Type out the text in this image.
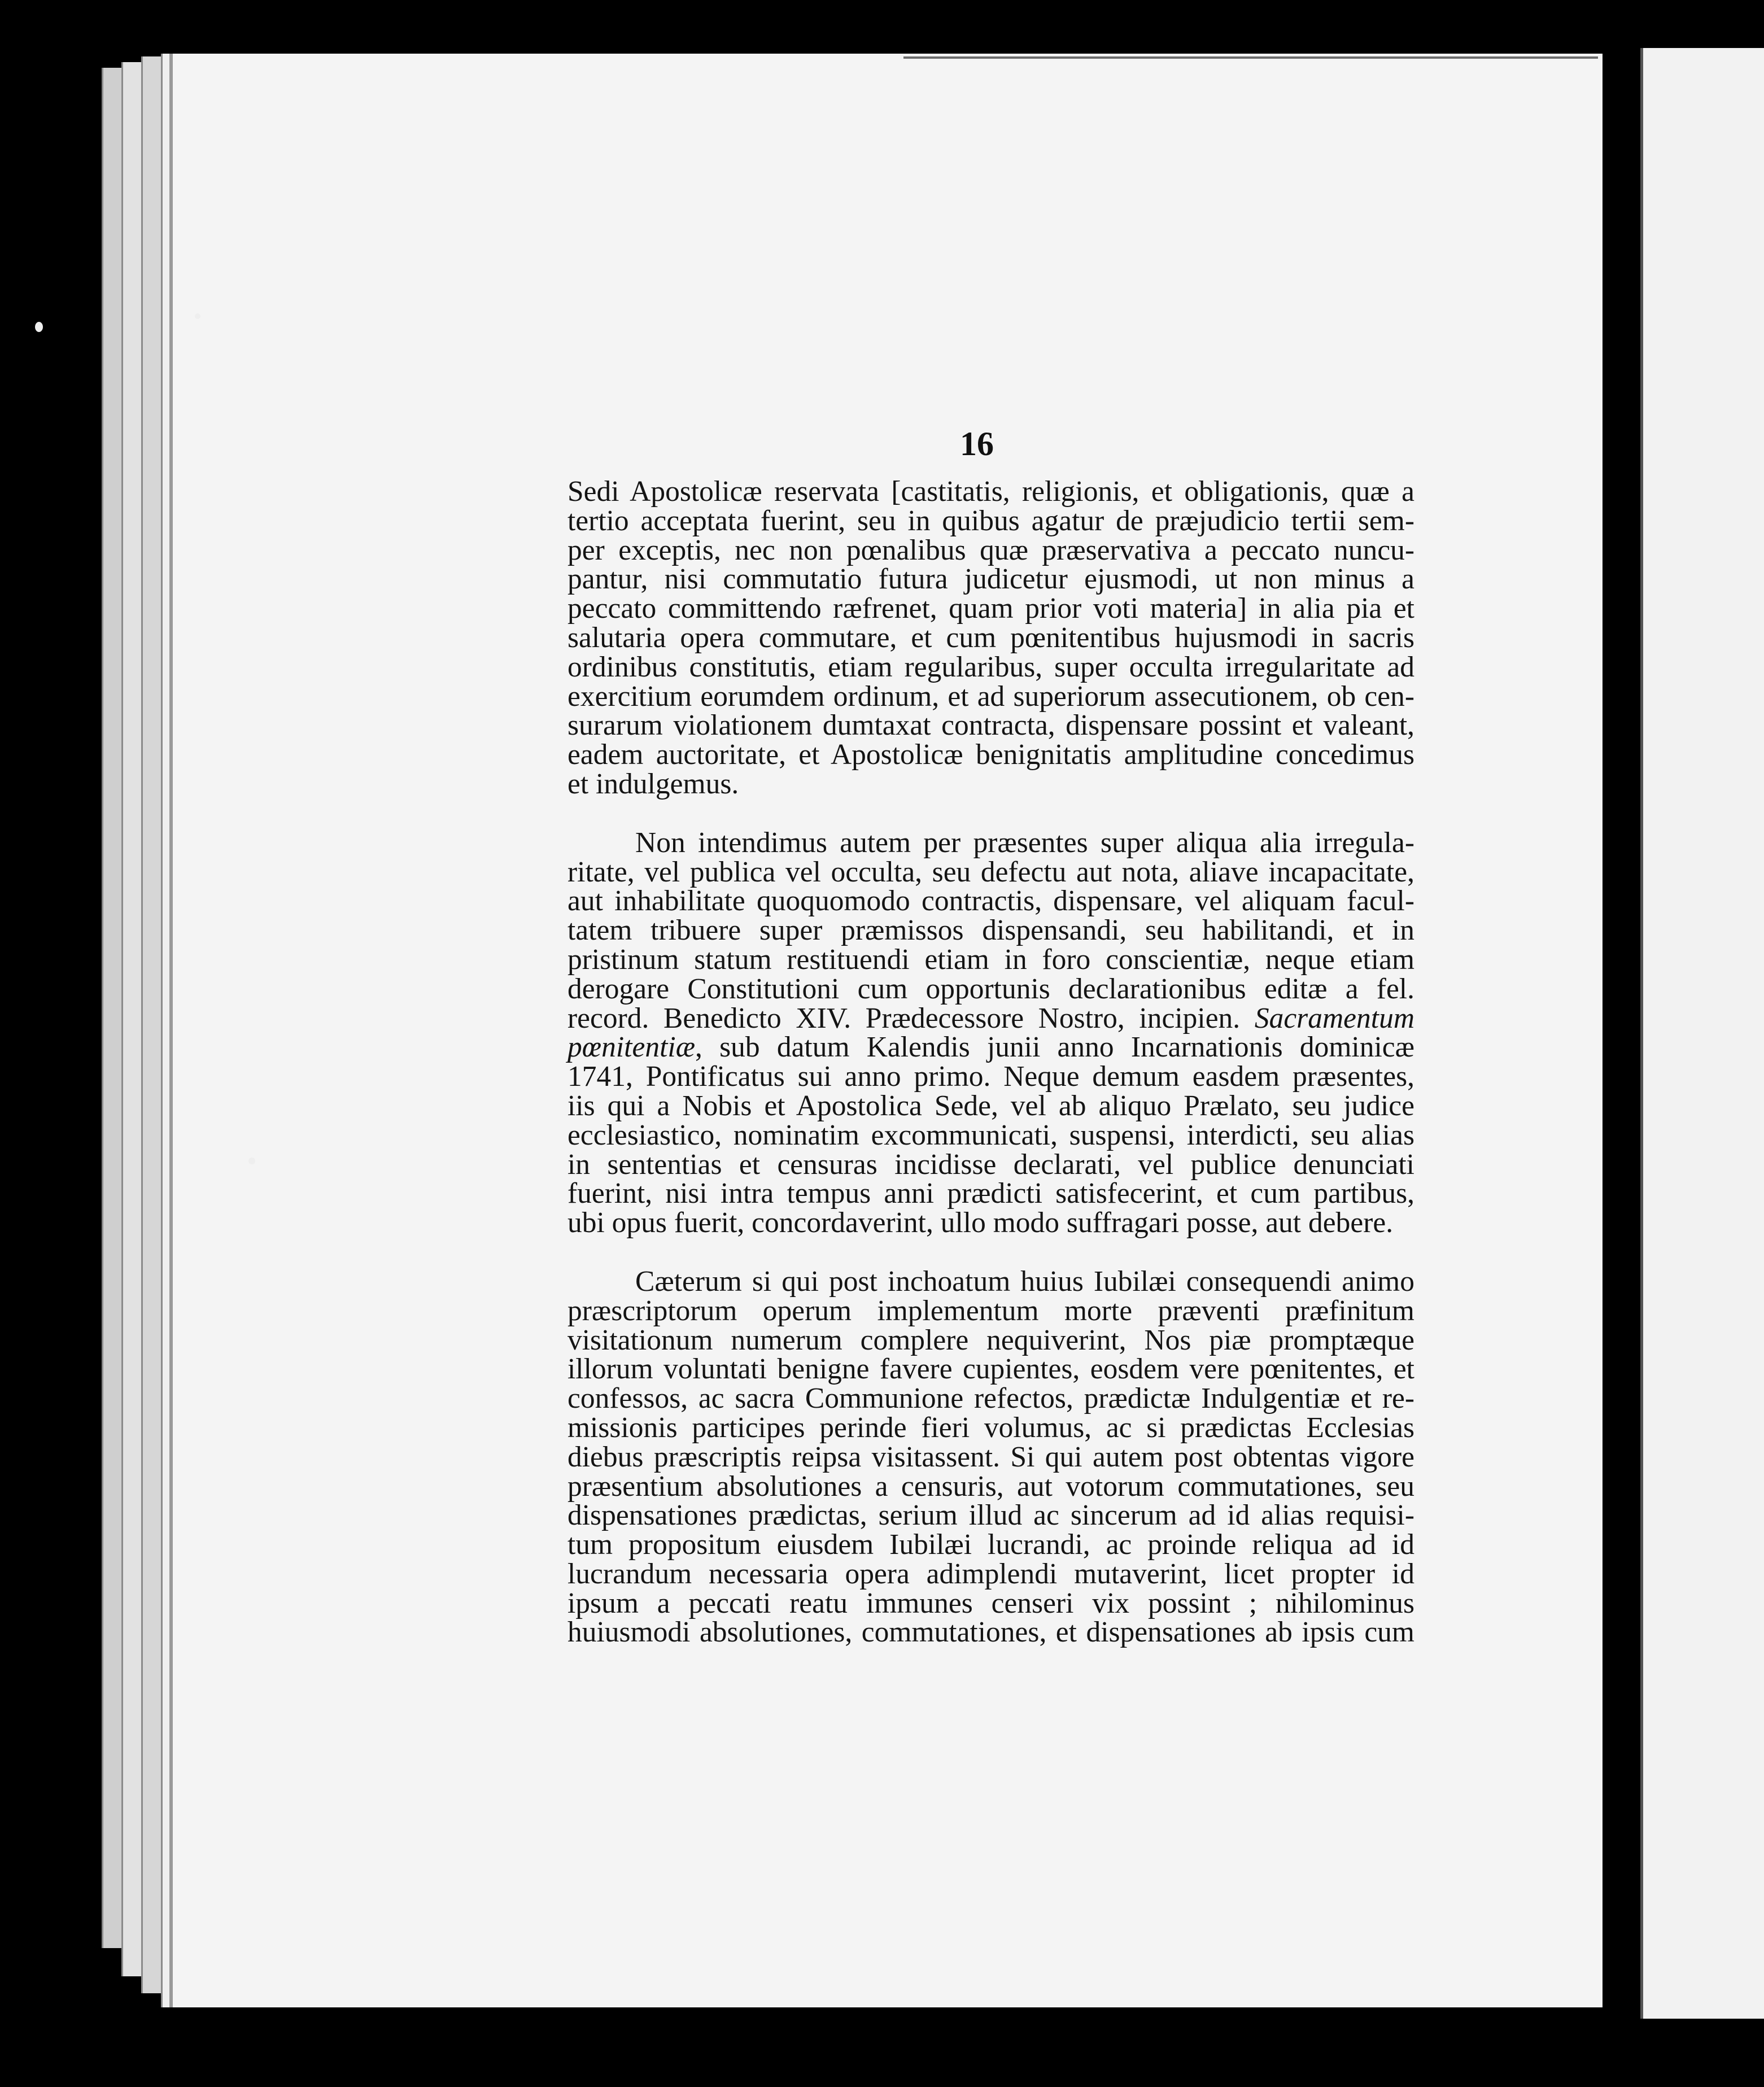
16
Sedi Apostolicæ reservata [castitatis, religionis, et obligationis, quæ a
tertio acceptata fuerint, seu in quibus agatur de præjudicio tertii sem-
per exceptis, nec non pœnalibus quæ præservativa a peccato nuncu-
pantur, nisi commutatio futura judicetur ejusmodi, ut non minus a
peccato committendo ræfrenet, quam prior voti materia] in alia pia et
salutaria opera commutare, et cum pœnitentibus hujusmodi in sacris
ordinibus constitutis, etiam regularibus, super occulta irregularitate ad
exercitium eorumdem ordinum, et ad superiorum assecutionem, ob cen-
surarum violationem dumtaxat contracta, dispensare possint et valeant,
eadem auctoritate, et Apostolicæ benignitatis amplitudine concedimus
et indulgemus.
Non intendimus autem per præsentes super aliqua alia irregula-
ritate, vel publica vel occulta, seu defectu aut nota, aliave incapacitate,
aut inhabilitate quoquomodo contractis, dispensare, vel aliquam facul-
tatem tribuere super præmissos dispensandi, seu habilitandi, et in
pristinum statum restituendi etiam in foro conscientiæ, neque etiam
derogare Constitutioni cum opportunis declarationibus editæ a fel.
record. Benedicto XIV. Prædecessore Nostro, incipien. Sacramentum
pœnitentiæ, sub datum Kalendis junii anno Incarnationis dominicæ
1741, Pontificatus sui anno primo. Neque demum easdem præsentes,
iis qui a Nobis et Apostolica Sede, vel ab aliquo Prælato, seu judice
ecclesiastico, nominatim excommunicati, suspensi, interdicti, seu alias
in sententias et censuras incidisse declarati, vel publice denunciati
fuerint, nisi intra tempus anni prædicti satisfecerint, et cum partibus,
ubi opus fuerit, concordaverint, ullo modo suffragari posse, aut debere.
Cæterum si qui post inchoatum huius Iubilæi consequendi animo
præscriptorum operum implementum morte præventi præfinitum
visitationum numerum complere nequiverint, Nos piæ promptæque
illorum voluntati benigne favere cupientes, eosdem vere pœnitentes, et
confessos, ac sacra Communione refectos, prædictæ Indulgentiæ et re-
missionis participes perinde fieri volumus, ac si prædictas Ecclesias
diebus præscriptis reipsa visitassent. Si qui autem post obtentas vigore
præsentium absolutiones a censuris, aut votorum commutationes, seu
dispensationes prædictas, serium illud ac sincerum ad id alias requisi-
tum propositum eiusdem Iubilæi lucrandi, ac proinde reliqua ad id
lucrandum necessaria opera adimplendi mutaverint, licet propter id
ipsum a peccati reatu immunes censeri vix possint ; nihilominus
huiusmodi absolutiones, commutationes, et dispensationes ab ipsis cum
